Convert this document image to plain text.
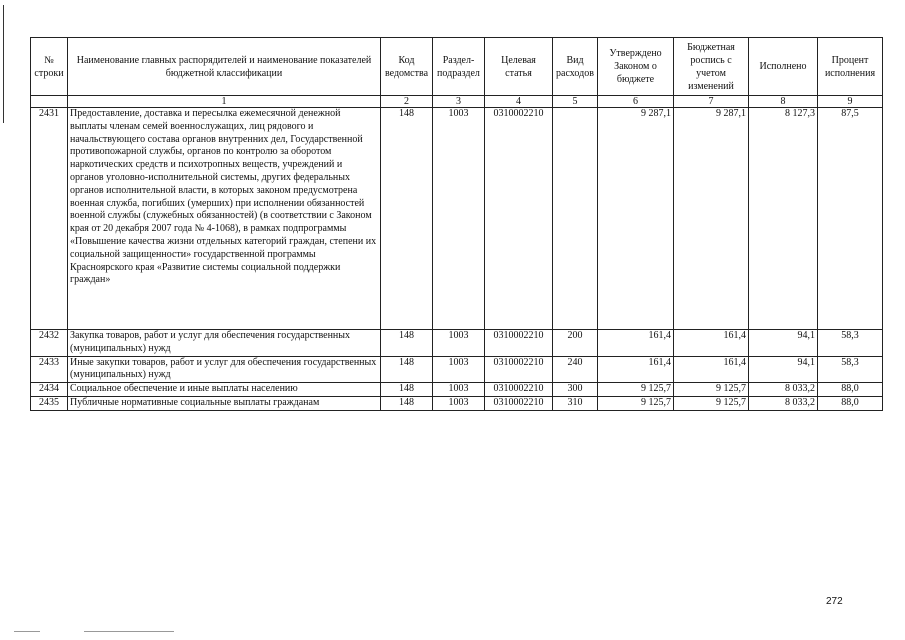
№ строки	Наименование главных распорядителей и наименование показателей бюджетной классификации	Код ведомства	Раздел-подраздел	Целевая статья	Вид расходов	Утверждено Законом о бюджете	Бюджетная роспись с учетом изменений	Исполнено	Процент исполнения
	1	2	3	4	5	6	7	8	9
2431	Предоставление, доставка и пересылка ежемесячной денежной выплаты членам семей военнослужащих, лиц рядового и начальствующего состава органов внутренних дел, Государственной противопожарной службы, органов по контролю за оборотом наркотических средств и психотропных веществ, учреждений и органов уголовно-исполнительной системы, других федеральных органов исполнительной власти, в которых законом предусмотрена военная служба, погибших (умерших) при исполнении обязанностей военной службы (служебных обязанностей) (в соответствии с Законом края от 20 декабря 2007 года № 4-1068), в рамках подпрограммы «Повышение качества жизни отдельных категорий граждан, степени их социальной защищенности» государственной программы Красноярского края «Развитие системы социальной поддержки граждан»	148	1003	0310002210		9 287,1	9 287,1	8 127,3	87,5
2432	Закупка товаров, работ и услуг для обеспечения государственных (муниципальных) нужд	148	1003	0310002210	200	161,4	161,4	94,1	58,3
2433	Иные закупки товаров, работ и услуг для обеспечения государственных (муниципальных) нужд	148	1003	0310002210	240	161,4	161,4	94,1	58,3
2434	Социальное обеспечение и иные выплаты населению	148	1003	0310002210	300	9 125,7	9 125,7	8 033,2	88,0
2435	Публичные нормативные социальные выплаты гражданам	148	1003	0310002210	310	9 125,7	9 125,7	8 033,2	88,0
272
